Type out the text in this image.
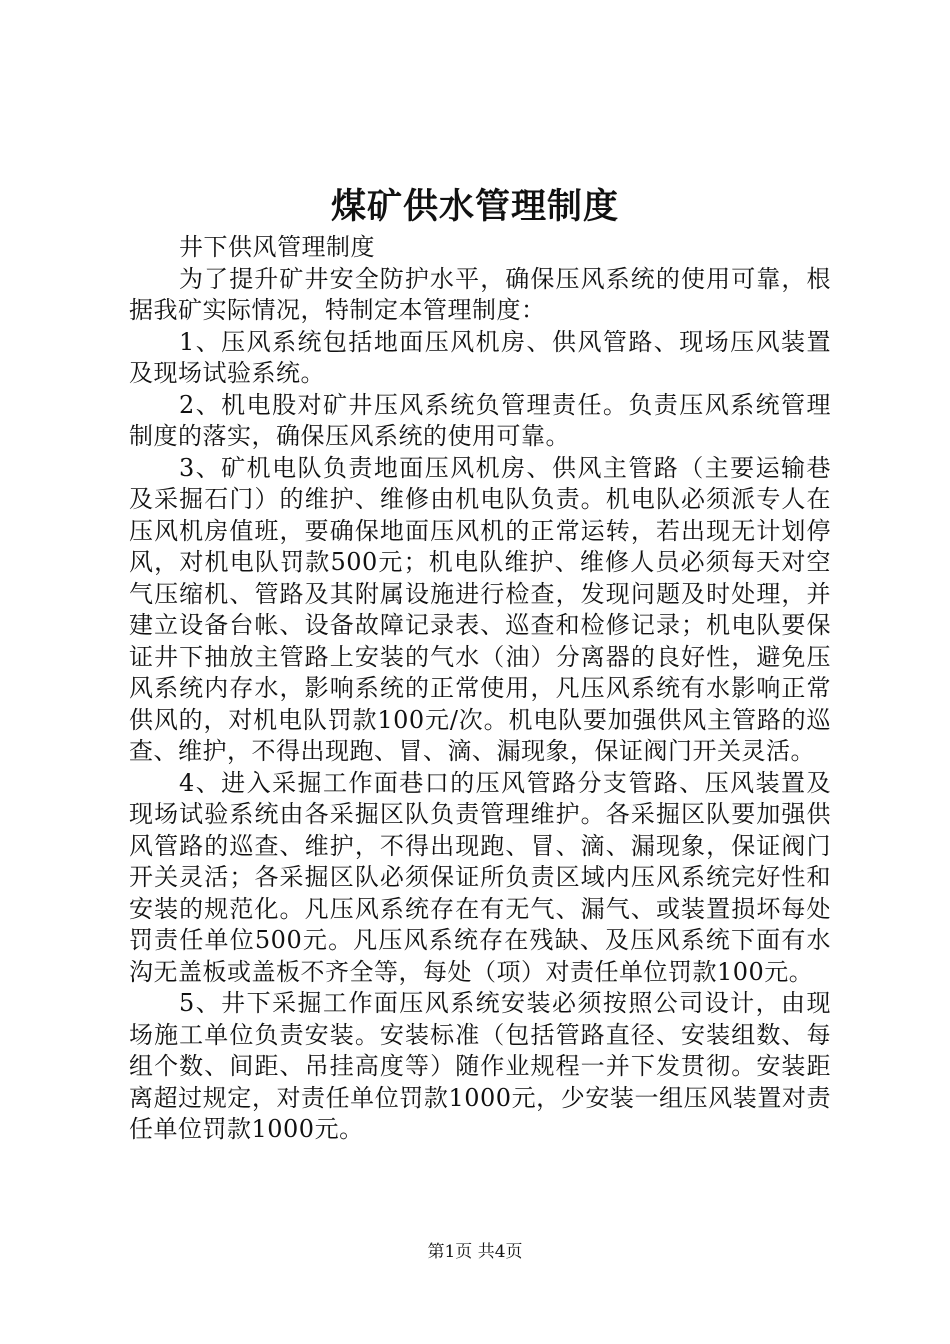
煤矿供水管理制度

井下供风管理制度

为了提升矿井安全防护水平，确保压风系统的使用可靠，根据我矿实际情况，特制定本管理制度：

1、压风系统包括地面压风机房、供风管路、现场压风装置及现场试验系统。

2、机电股对矿井压风系统负管理责任。负责压风系统管理制度的落实，确保压风系统的使用可靠。

3、矿机电队负责地面压风机房、供风主管路（主要运输巷及采掘石门）的维护、维修由机电队负责。机电队必须派专人在压风机房值班，要确保地面压风机的正常运转，若出现无计划停风，对机电队罚款500元；机电队维护、维修人员必须每天对空气压缩机、管路及其附属设施进行检查，发现问题及时处理，并建立设备台帐、设备故障记录表、巡查和检修记录；机电队要保证井下抽放主管路上安装的气水（油）分离器的良好性，避免压风系统内存水，影响系统的正常使用，凡压风系统有水影响正常供风的，对机电队罚款100元/次。机电队要加强供风主管路的巡查、维护，不得出现跑、冒、滴、漏现象，保证阀门开关灵活。

4、进入采掘工作面巷口的压风管路分支管路、压风装置及现场试验系统由各采掘区队负责管理维护。各采掘区队要加强供风管路的巡查、维护，不得出现跑、冒、滴、漏现象，保证阀门开关灵活；各采掘区队必须保证所负责区域内压风系统完好性和安装的规范化。凡压风系统存在有无气、漏气、或装置损坏每处罚责任单位500元。凡压风系统存在残缺、及压风系统下面有水沟无盖板或盖板不齐全等，每处（项）对责任单位罚款100元。

5、井下采掘工作面压风系统安装必须按照公司设计，由现场施工单位负责安装。安装标准（包括管路直径、安装组数、每组个数、间距、吊挂高度等）随作业规程一并下发贯彻。安装距离超过规定，对责任单位罚款1000元，少安装一组压风装置对责任单位罚款1000元。

第1页 共4页
